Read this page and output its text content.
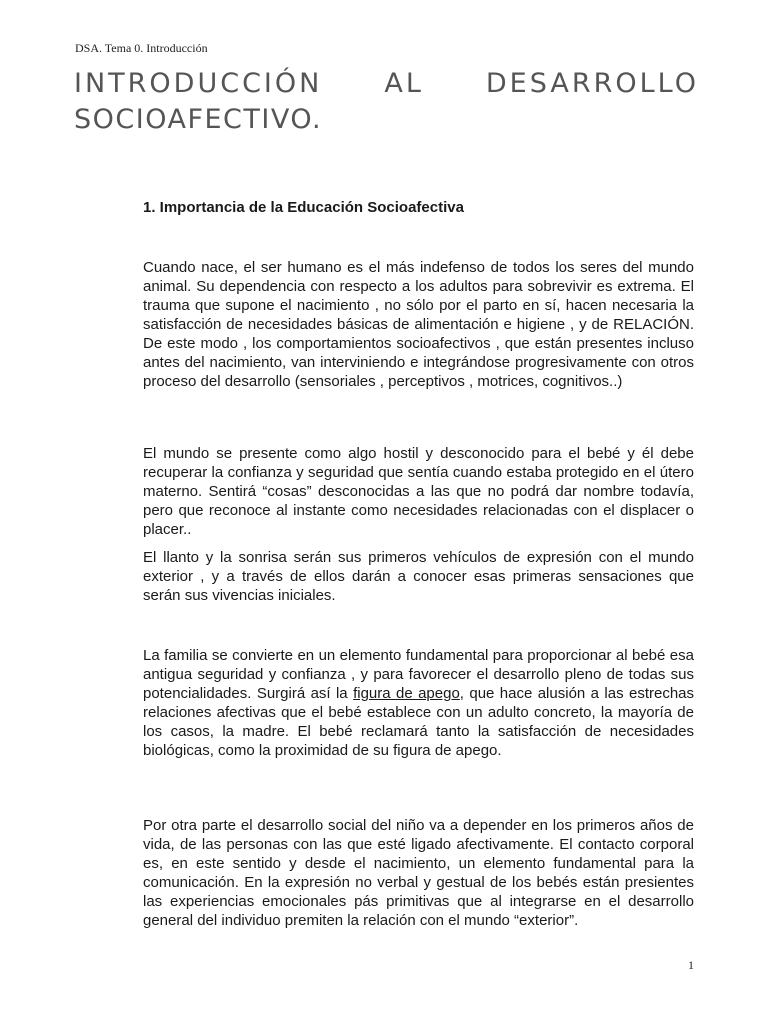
DSA. Tema 0. Introducción
INTRODUCCIÓN AL DESARROLLO
SOCIOAFECTIVO.
1. Importancia de la Educación Socioafectiva

Cuando nace, el ser humano es el más indefenso de todos los seres del mundo animal. Su dependencia con respecto a los adultos para sobrevivir es extrema. El trauma que supone el nacimiento , no sólo por el parto en sí, hacen necesaria la satisfacción de necesidades básicas de alimentación e higiene , y de RELACIÓN. De este modo , los comportamientos socioafectivos , que están presentes incluso antes del nacimiento, van interviniendo e integrándose progresivamente con otros proceso del desarrollo (sensoriales , perceptivos , motrices, cognitivos..)

El mundo se presente como algo hostil y desconocido para el bebé y él debe recuperar la confianza y seguridad que sentía cuando estaba protegido en el útero materno. Sentirá “cosas” desconocidas a las que no podrá dar nombre todavía, pero que reconoce al instante como necesidades relacionadas con el displacer o placer..

El llanto y la sonrisa serán sus primeros vehículos de expresión con el mundo exterior , y a través de ellos darán a conocer esas primeras sensaciones que serán sus vivencias iniciales.

La familia se convierte en un elemento fundamental para proporcionar al bebé esa antigua seguridad y confianza , y para favorecer el desarrollo pleno de todas sus potencialidades. Surgirá así la figura de apego, que hace alusión a las estrechas relaciones afectivas que el bebé establece con un adulto concreto, la mayoría de los casos, la madre. El bebé reclamará tanto la satisfacción de necesidades biológicas, como la proximidad de su figura de apego.

Por otra parte el desarrollo social del niño va a depender en los primeros años de vida, de las personas con las que esté ligado afectivamente. El contacto corporal es, en este sentido y desde el nacimiento, un elemento fundamental para la comunicación. En la expresión no verbal y gestual de los bebés están presientes las experiencias emocionales pás primitivas que al integrarse en el desarrollo general del individuo premiten la relación con el mundo “exterior”.

1
